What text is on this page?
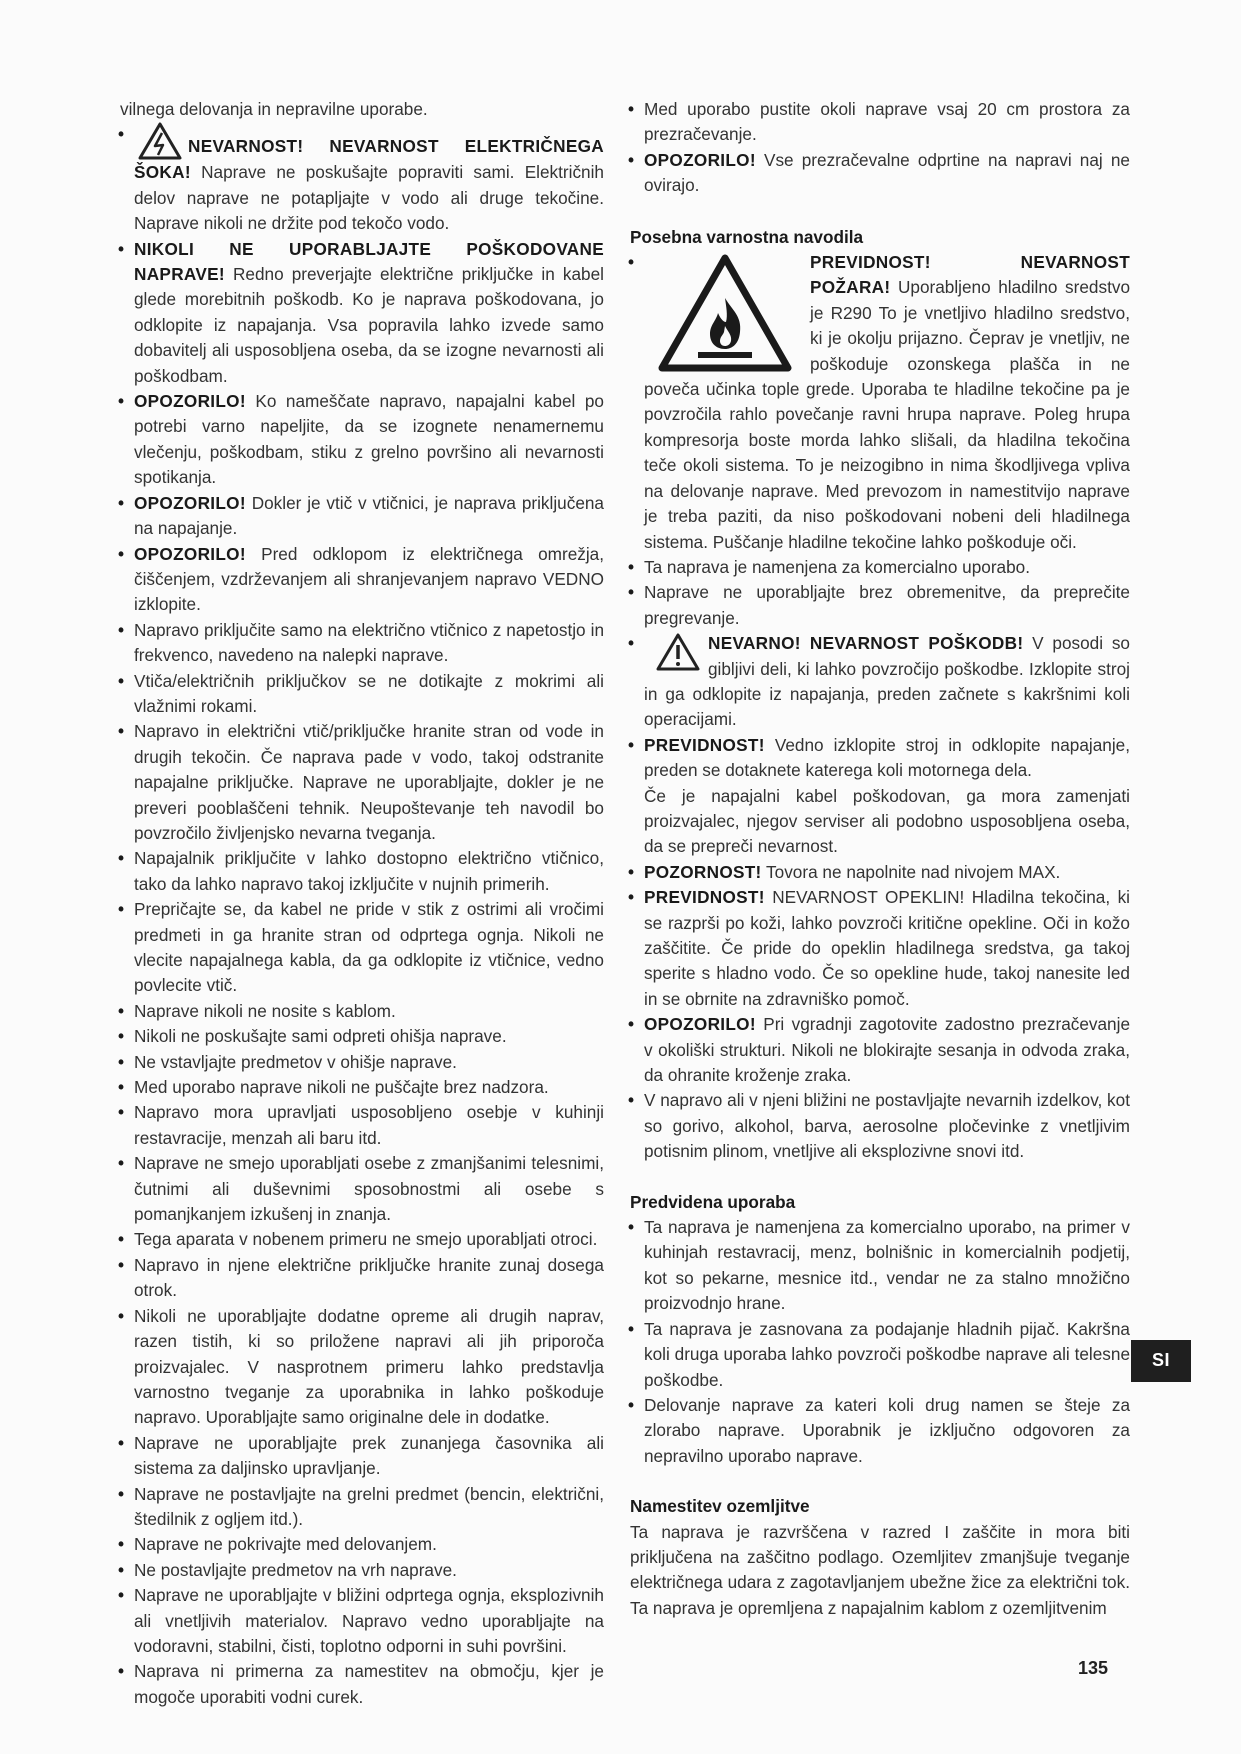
vilnega delovanja in nepravilne uporabe.

• NEVARNOST! NEVARNOST ELEKTRIČNEGA ŠOKA! Naprave ne poskušajte popraviti sami. Električnih delov naprave ne potapljajte v vodo ali druge tekočine. Naprave nikoli ne držite pod tekočo vodo.
• NIKOLI NE UPORABLJAJTE POŠKODOVANE NAPRAVE! Redno preverjajte električne priključke in kabel glede morebitnih poškodb. Ko je naprava poškodovana, jo odklopite iz napajanja. Vsa popravila lahko izvede samo dobavitelj ali usposobljena oseba, da se izogne nevarnosti ali poškodbam.
• OPOZORILO! Ko nameščate napravo, napajalni kabel po potrebi varno napeljite, da se izognete nenamernemu vlečenju, poškodbam, stiku z grelno površino ali nevarnosti spotikanja.
• OPOZORILO! Dokler je vtič v vtičnici, je naprava priključena na napajanje.
• OPOZORILO! Pred odklopom iz električnega omrežja, čiščenjem, vzdrževanjem ali shranjevanjem napravo VEDNO izklopite.
• Napravo priključite samo na električno vtičnico z napetostjo in frekvenco, navedeno na nalepki naprave.
• Vtiča/električnih priključkov se ne dotikajte z mokrimi ali vlažnimi rokami.
• Napravo in električni vtič/priključke hranite stran od vode in drugih tekočin. Če naprava pade v vodo, takoj odstranite napajalne priključke. Naprave ne uporabljajte, dokler je ne preveri pooblaščeni tehnik. Neupoštevanje teh navodil bo povzročilo življenjsko nevarna tveganja.
• Napajalnik priključite v lahko dostopno električno vtičnico, tako da lahko napravo takoj izključite v nujnih primerih.
• Prepričajte se, da kabel ne pride v stik z ostrimi ali vročimi predmeti in ga hranite stran od odprtega ognja. Nikoli ne vlecite napajalnega kabla, da ga odklopite iz vtičnice, vedno povlecite vtič.
• Naprave nikoli ne nosite s kablom.
• Nikoli ne poskušajte sami odpreti ohišja naprave.
• Ne vstavljajte predmetov v ohišje naprave.
• Med uporabo naprave nikoli ne puščajte brez nadzora.
• Napravo mora upravljati usposobljeno osebje v kuhinji restavracije, menzah ali baru itd.
• Naprave ne smejo uporabljati osebe z zmanjšanimi telesnimi, čutnimi ali duševnimi sposobnostmi ali osebe s pomanjkanjem izkušenj in znanja.
• Tega aparata v nobenem primeru ne smejo uporabljati otroci.
• Napravo in njene električne priključke hranite zunaj dosega otrok.
• Nikoli ne uporabljajte dodatne opreme ali drugih naprav, razen tistih, ki so priložene napravi ali jih priporoča proizvajalec. V nasprotnem primeru lahko predstavlja varnostno tveganje za uporabnika in lahko poškoduje napravo. Uporabljajte samo originalne dele in dodatke.
• Naprave ne uporabljajte prek zunanjega časovnika ali sistema za daljinsko upravljanje.
• Naprave ne postavljajte na grelni predmet (bencin, električni, štedilnik z ogljem itd.).
• Naprave ne pokrivajte med delovanjem.
• Ne postavljajte predmetov na vrh naprave.
• Naprave ne uporabljajte v bližini odprtega ognja, eksplozivnih ali vnetljivih materialov. Napravo vedno uporabljajte na vodoravni, stabilni, čisti, toplotno odporni in suhi površini.
• Naprava ni primerna za namestitev na območju, kjer je mogoče uporabiti vodni curek.
• Med uporabo pustite okoli naprave vsaj 20 cm prostora za prezračevanje.
• OPOZORILO! Vse prezračevalne odprtine na napravi naj ne ovirajo.
Posebna varnostna navodila
• PREVIDNOST! NEVARNOST POŽARA! Uporabljeno hladilno sredstvo je R290 To je vnetljivo hladilno sredstvo, ki je okolju prijazno. Čeprav je vnetljiv, ne poškoduje ozonskega plašča in ne poveča učinka tople grede. Uporaba te hladilne tekočine pa je povzročila rahlo povečanje ravni hrupa naprave. Poleg hrupa kompresorja boste morda lahko slišali, da hladilna tekočina teče okoli sistema. To je neizogibno in nima škodljivega vpliva na delovanje naprave. Med prevozom in namestitvijo naprave je treba paziti, da niso poškodovani nobeni deli hladilnega sistema. Puščanje hladilne tekočine lahko poškoduje oči.
• Ta naprava je namenjena za komercialno uporabo.
• Naprave ne uporabljajte brez obremenitve, da preprečite pregrevanje.
• NEVARNO! NEVARNOST POŠKODB! V posodi so gibljivi deli, ki lahko povzročijo poškodbe. Izklopite stroj in ga odklopite iz napajanja, preden začnete s kakršnimi koli operacijami.
• PREVIDNOST! Vedno izklopite stroj in odklopite napajanje, preden se dotaknete katerega koli motornega dela.

Če je napajalni kabel poškodovan, ga mora zamenjati proizvajalec, njegov serviser ali podobno usposobljena oseba, da se prepreči nevarnost.

• POZORNOST! Tovora ne napolnite nad nivojem MAX.
• PREVIDNOST! NEVARNOST OPEKLIN! Hladilna tekočina, ki se razprši po koži, lahko povzroči kritične opekline. Oči in kožo zaščitite. Če pride do opeklin hladilnega sredstva, ga takoj sperite s hladno vodo. Če so opekline hude, takoj nanesite led in se obrnite na zdravniško pomoč.
• OPOZORILO! Pri vgradnji zagotovite zadostno prezračevanje v okoliški strukturi. Nikoli ne blokirajte sesanja in odvoda zraka, da ohranite kroženje zraka.
• V napravo ali v njeni bližini ne postavljajte nevarnih izdelkov, kot so gorivo, alkohol, barva, aerosolne pločevinke z vnetljivim potisnim plinom, vnetljive ali eksplozivne snovi itd.
Predvidena uporaba
• Ta naprava je namenjena za komercialno uporabo, na primer v kuhinjah restavracij, menz, bolnišnic in komercialnih podjetij, kot so pekarne, mesnice itd., vendar ne za stalno množično proizvodnjo hrane.
• Ta naprava je zasnovana za podajanje hladnih pijač. Kakršna koli druga uporaba lahko povzroči poškodbe naprave ali telesne poškodbe.
• Delovanje naprave za kateri koli drug namen se šteje za zlorabo naprave. Uporabnik je izključno odgovoren za nepravilno uporabo naprave.
Namestitev ozemljitve

Ta naprava je razvrščena v razred I zaščite in mora biti priključena na zaščitno podlago. Ozemljitev zmanjšuje tveganje električnega udara z zagotavljanjem ubežne žice za električni tok. Ta naprava je opremljena z napajalnim kablom z ozemljitvenim

SI
135
